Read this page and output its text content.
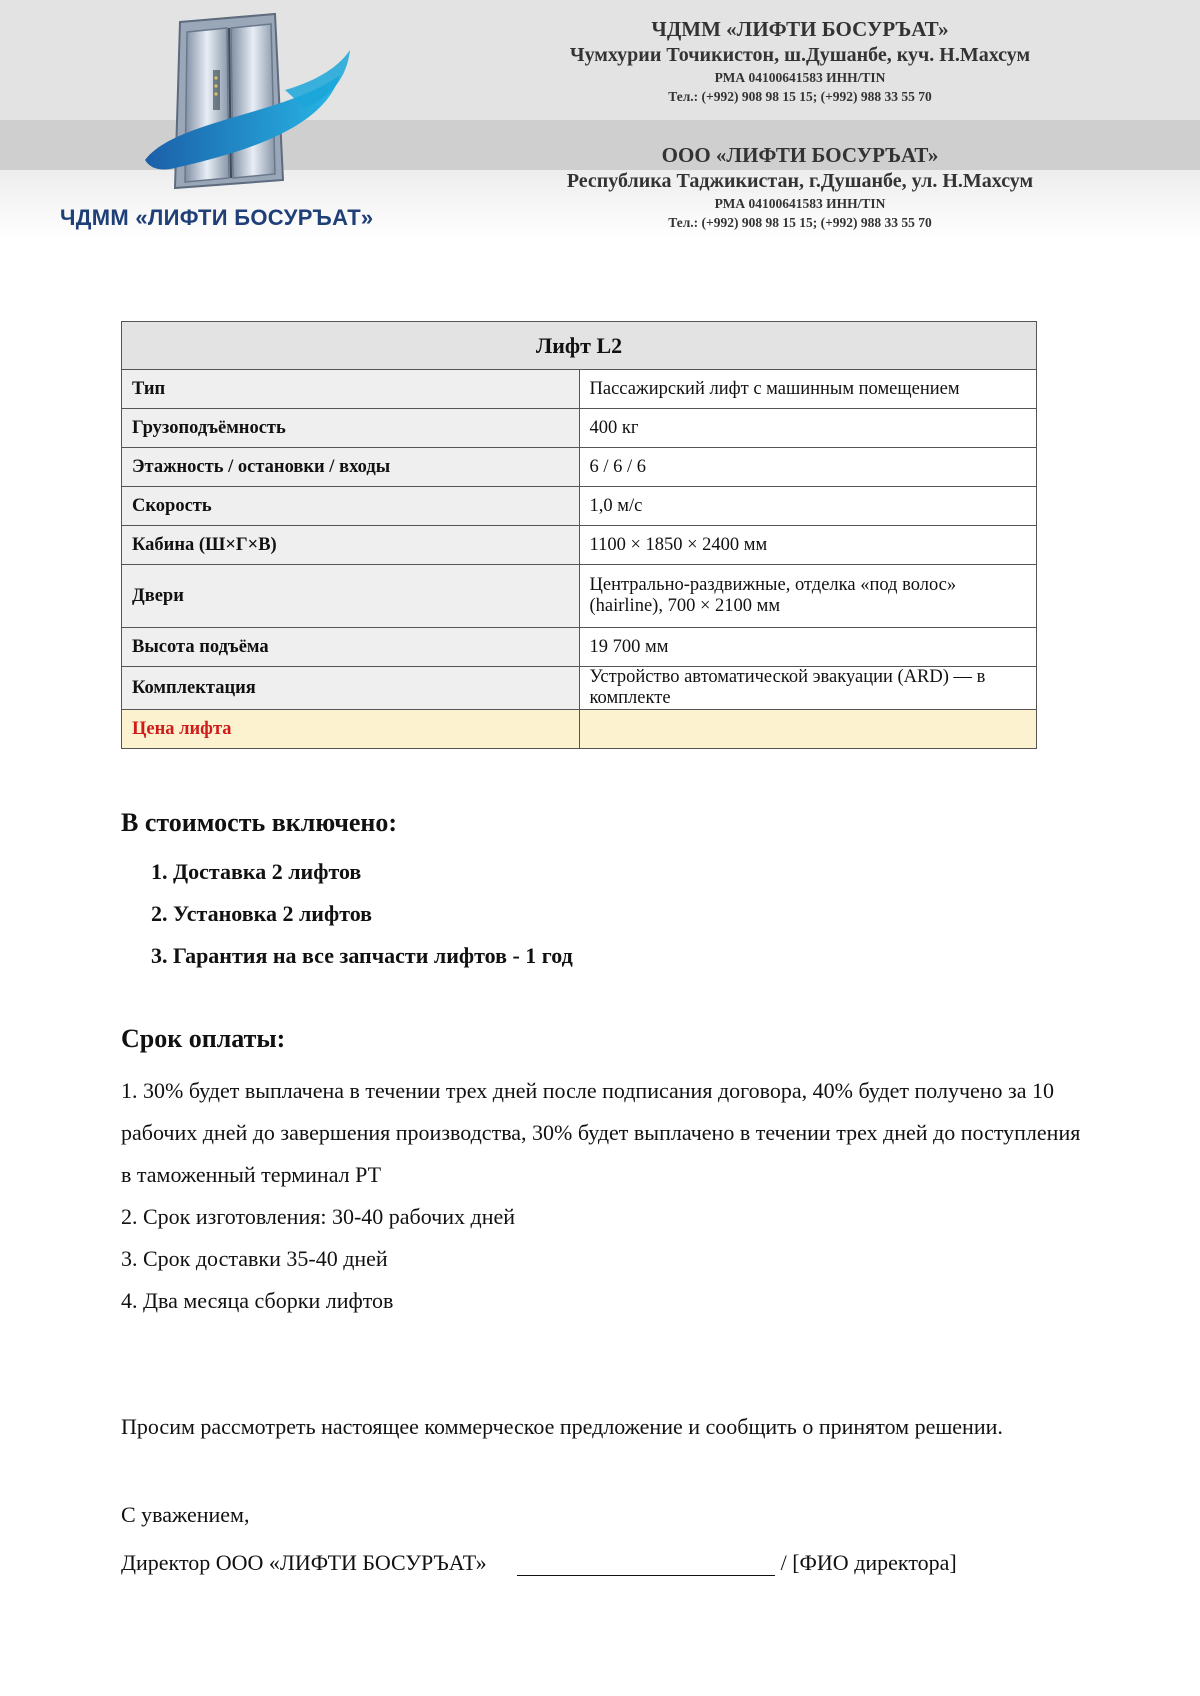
ЧДММ «ЛИФТИ БОСУРЪАТ»
ЧДММ «ЛИФТИ БОСУРЪАТ»
Чумхурии Точикистон, ш.Душанбе, куч. Н.Махсум
РМА 04100641583 ИНН/TIN
Тел.: (+992) 908 98 15 15; (+992) 988 33 55 70
ООО «ЛИФТИ БОСУРЪАТ»
Республика Таджикистан, г.Душанбе, ул. Н.Махсум
РМА 04100641583 ИНН/TIN
Тел.: (+992) 908 98 15 15; (+992) 988 33 55 70
Лифт L2	
Тип	Пассажирский лифт с машинным помещением
Грузоподъёмность	400 кг
Этажность / остановки / входы	6 / 6 / 6
Скорость	1,0 м/с
Кабина (Ш×Г×В)	1100 × 1850 × 2400 мм
Двери	Центрально-раздвижные, отделка «под волос» (hairline), 700 × 2100 мм
Высота подъёма	19 700 мм
Комплектация	Устройство автоматической эвакуации (ARD) — в комплекте
Цена лифта	
В стоимость включено:
1. Доставка 2 лифтов
2. Установка 2 лифтов
3. Гарантия на все запчасти лифтов - 1 год
Срок оплаты:

1. 30% будет выплачена в течении трех дней после подписания договора, 40% будет получено за 10 рабочих дней до завершения производства, 30% будет выплачено в течении трех дней до поступления в таможенный терминал РТ

2. Срок изготовления: 30-40 рабочих дней

3. Срок доставки 35-40 дней

4. Два месяца сборки лифтов

Просим рассмотреть настоящее коммерческое предложение и сообщить о принятом решении.

С уважением,
Директор ООО «ЛИФТИ БОСУРЪАТ»	/ [ФИО директора]
